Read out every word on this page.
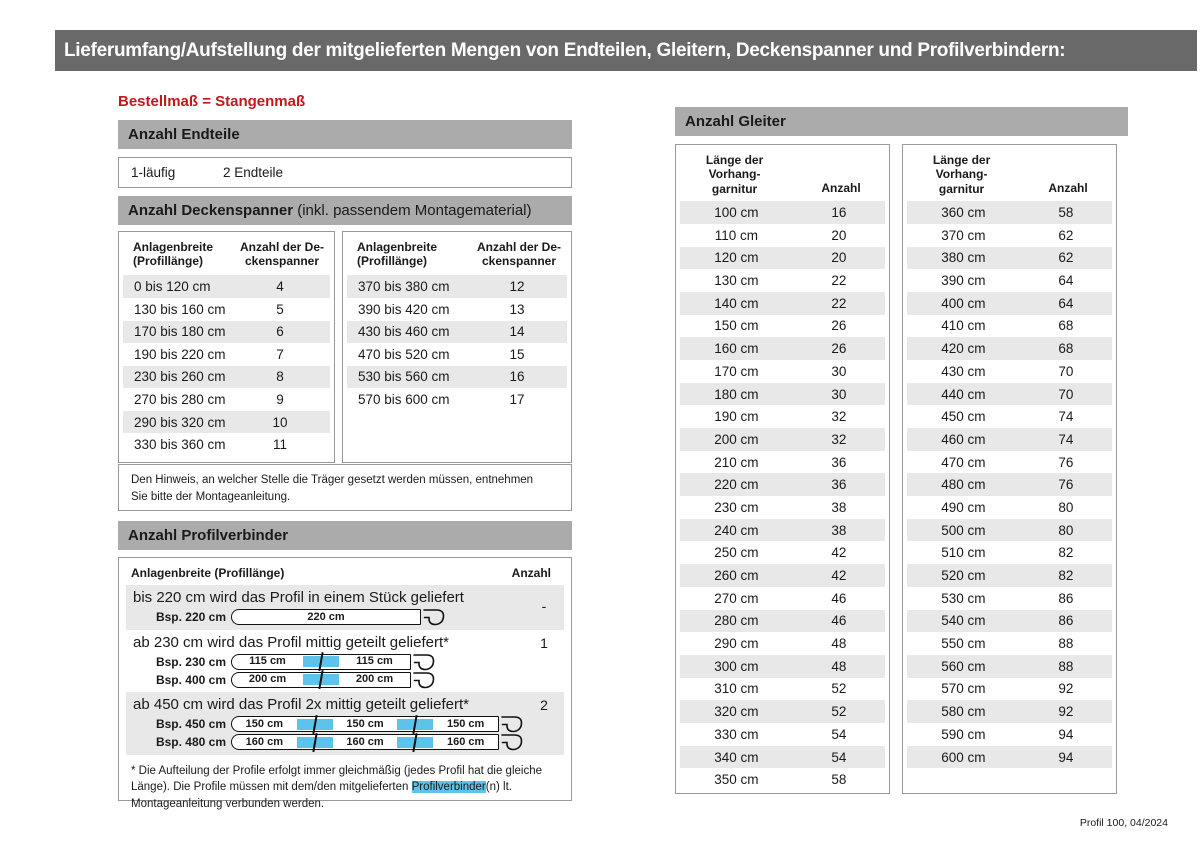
Lieferumfang/Aufstellung der mitgelieferten Mengen von Endteilen, Gleitern, Deckenspanner und Profilverbindern:
Bestellmaß = Stangenmaß
Anzahl Endteile
1-läufig	2 Endteile
Anzahl Deckenspanner (inkl. passendem Montagematerial)
Anlagenbreite
(Profillänge)
Anzahl der De-
ckenspanner
0 bis 120 cm	4
130 bis 160 cm	5
170 bis 180 cm	6
190 bis 220 cm	7
230 bis 260 cm	8
270 bis 280 cm	9
290 bis 320 cm	10
330 bis 360 cm	11
Anlagenbreite
(Profillänge)
Anzahl der De-
ckenspanner
370 bis 380 cm	12
390 bis 420 cm	13
430 bis 460 cm	14
470 bis 520 cm	15
530 bis 560 cm	16
570 bis 600 cm	17
Den Hinweis, an welcher Stelle die Träger gesetzt werden müssen, entnehmen Sie bitte der Montageanleitung.
Anzahl Profilverbinder
Anlagenbreite (Profillänge)	Anzahl
bis 220 cm wird das Profil in einem Stück geliefert	-
Bsp. 220 cm	220 cm
ab 230 cm wird das Profil mittig geteilt geliefert*	1
Bsp. 230 cm	115 cm	115 cm
Bsp. 400 cm	200 cm	200 cm
ab 450 cm wird das Profil 2x mittig geteilt geliefert*	2
Bsp. 450 cm	150 cm	150 cm	150 cm
Bsp. 480 cm	160 cm	160 cm	160 cm
* Die Aufteilung der Profile erfolgt immer gleichmäßig (jedes Profil hat die gleiche Länge). Die Profile müssen mit dem/den mitgelieferten Profilverbinder(n) lt. Montageanleitung verbunden werden.
Anzahl Gleiter
Länge der
Vorhang-
garnitur	Anzahl
100 cm	16
110 cm	20
120 cm	20
130 cm	22
140 cm	22
150 cm	26
160 cm	26
170 cm	30
180 cm	30
190 cm	32
200 cm	32
210 cm	36
220 cm	36
230 cm	38
240 cm	38
250 cm	42
260 cm	42
270 cm	46
280 cm	46
290 cm	48
300 cm	48
310 cm	52
320 cm	52
330 cm	54
340 cm	54
350 cm	58
Länge der
Vorhang-
garnitur	Anzahl
360 cm	58
370 cm	62
380 cm	62
390 cm	64
400 cm	64
410 cm	68
420 cm	68
430 cm	70
440 cm	70
450 cm	74
460 cm	74
470 cm	76
480 cm	76
490 cm	80
500 cm	80
510 cm	82
520 cm	82
530 cm	86
540 cm	86
550 cm	88
560 cm	88
570 cm	92
580 cm	92
590 cm	94
600 cm	94
Profil 100, 04/2024
